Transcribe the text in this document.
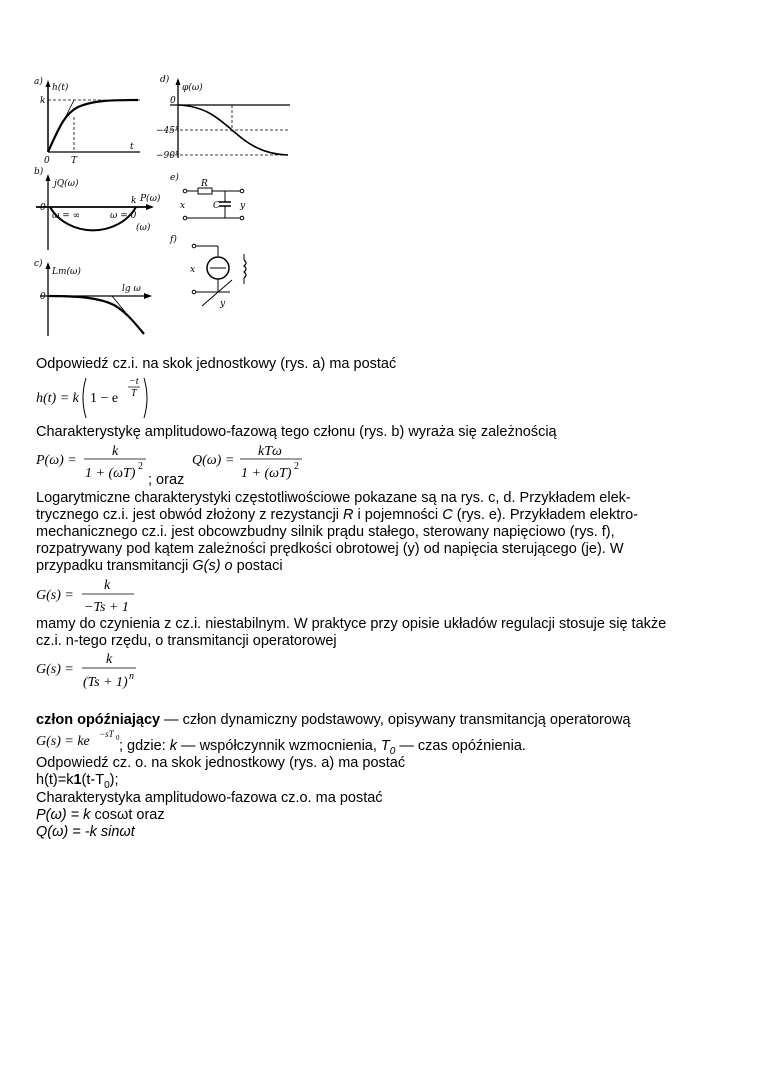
a)
h(t)
k
0 T
t
d)
φ(ω)
0
−45°
−90°
b)
jQ(ω)
0
k P(ω)
ω = ∞	ω = 0
(ω)
e)
R
C
x	y
c)
Lm(ω)
0
lg ω
f)
x
y
Odpowiedź cz.i. na skok jednostkowy (rys. a) ma postać
h(t) = k 1 − e
−t
T
Charakterystykę amplitudowo-fazową tego członu (rys. b) wyraża się zależnością
P(ω) =
k
1 + (ωT) 2	Q(ω) =
kTω
1 + (ωT) 2
; oraz
Logarytmiczne charakterystyki częstotliwościowe pokazane są na rys. c, d. Przykładem elek-
trycznego cz.i. jest obwód złożony z rezystancji R i pojemności C (rys. e). Przykładem elektro-
mechanicznego cz.i. jest obcowzbudny silnik prądu stałego, sterowany napięciowo (rys. f),
rozpatrywany pod kątem zależności prędkości obrotowej (y) od napięcia sterującego (je). W
przypadku transmitancji G(s) o postaci
G(s) =
k
−Ts + 1
mamy do czynienia z cz.i. niestabilnym. W praktyce przy opisie układów regulacji stosuje się także
cz.i. n-tego rzędu, o transmitancji operatorowej
G(s) =
k
(Ts + 1) n
człon opóźniający — człon dynamiczny podstawowy, opisywany transmitancją operatorową
G(s) = ke −sT 0 ; gdzie: k — współczynnik wzmocnienia, $T_0$ — czas opóźnienia.
Odpowiedź cz. o. na skok jednostkowy (rys. a) ma postać
$h(t)=k1(t-T_0)$;
Charakterystyka amplitudowo-fazowa cz.o. ma postać
P(ω) = k cosωt oraz
Q(ω) = -k sinωt
